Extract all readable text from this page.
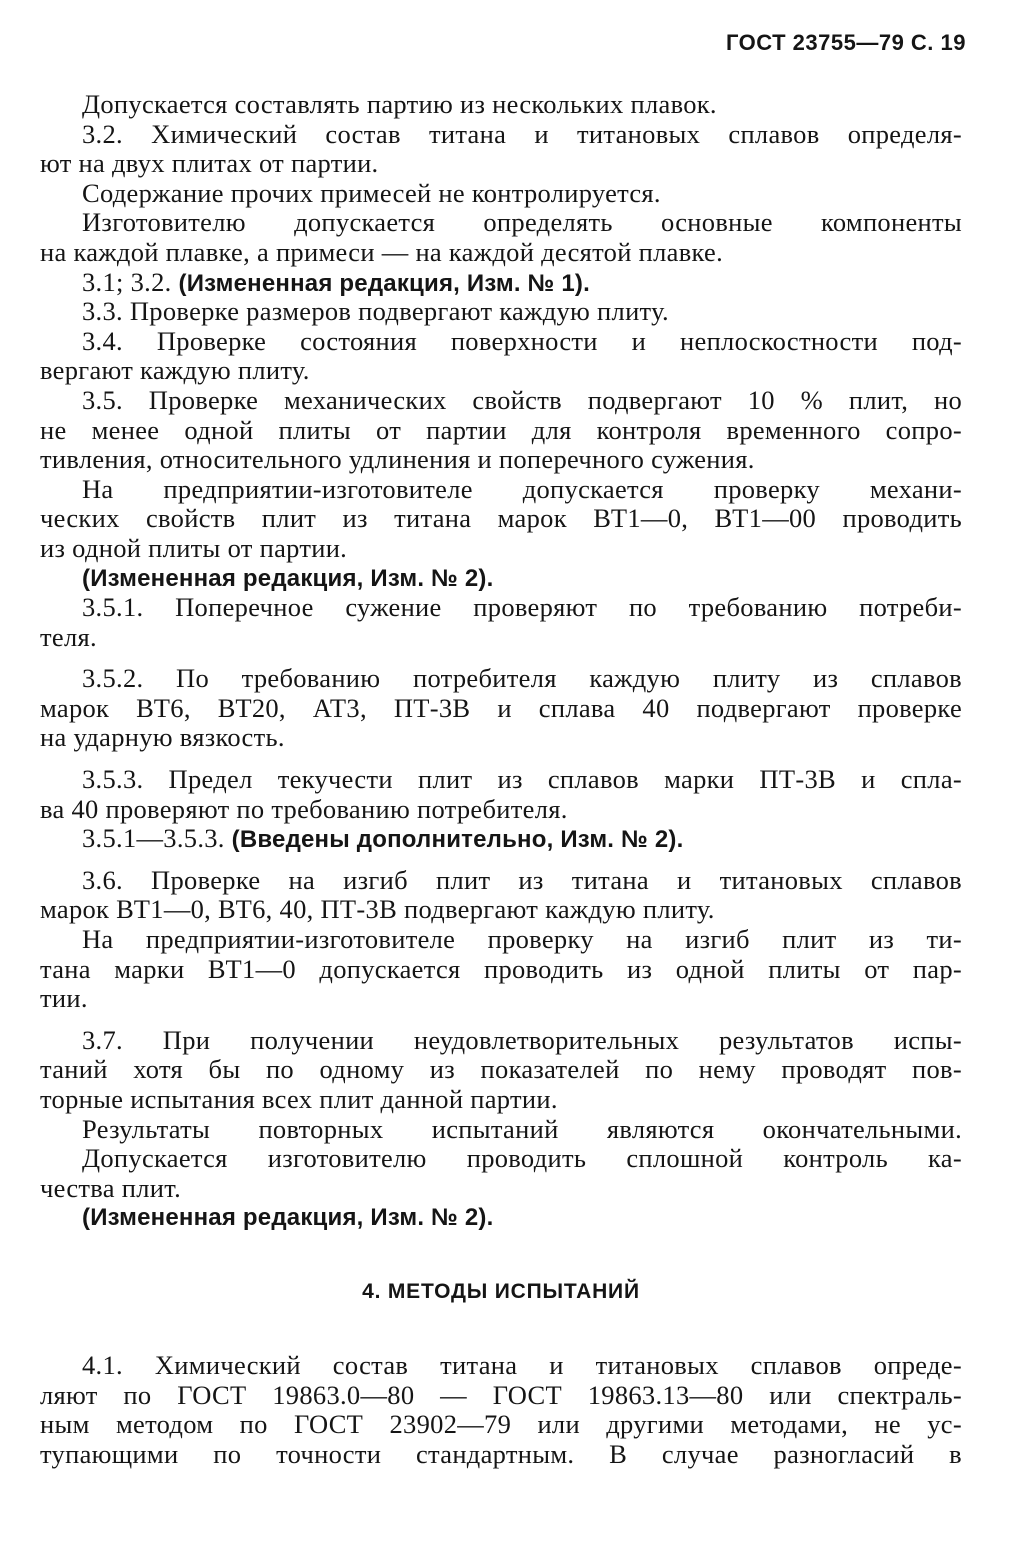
ГОСТ 23755—79 С. 19
Допускается составлять партию из нескольких плавок.
3.2. Химический состав титана и титановых сплавов определя-
ют на двух плитах от партии.
Содержание прочих примесей не контролируется.
Изготовителю допускается определять основные компоненты
на каждой плавке, а примеси — на каждой десятой плавке.
3.1; 3.2. (Измененная редакция, Изм. № 1).
3.3. Проверке размеров подвергают каждую плиту.
3.4. Проверке состояния поверхности и неплоскостности под-
вергают каждую плиту.
3.5. Проверке механических свойств подвергают 10 % плит, но
не менее одной плиты от партии для контроля временного сопро-
тивления, относительного удлинения и поперечного сужения.
На предприятии-изготовителе допускается проверку механи-
ческих свойств плит из титана марок ВТ1—0, ВТ1—00 проводить
из одной плиты от партии.
(Измененная редакция, Изм. № 2).
3.5.1. Поперечное сужение проверяют по требованию потреби-
теля.
3.5.2. По требованию потребителя каждую плиту из сплавов
марок ВТ6, ВТ20, АТ3, ПТ-3В и сплава 40 подвергают проверке
на ударную вязкость.
3.5.3. Предел текучести плит из сплавов марки ПТ-3В и спла-
ва 40 проверяют по требованию потребителя.
3.5.1—3.5.3. (Введены дополнительно, Изм. № 2).
3.6. Проверке на изгиб плит из титана и титановых сплавов
марок ВТ1—0, ВТ6, 40, ПТ-3В подвергают каждую плиту.
На предприятии-изготовителе проверку на изгиб плит из ти-
тана марки ВТ1—0 допускается проводить из одной плиты от пар-
тии.
3.7. При получении неудовлетворительных результатов испы-
таний хотя бы по одному из показателей по нему проводят пов-
торные испытания всех плит данной партии.
Результаты повторных испытаний являются окончательными.
Допускается изготовителю проводить сплошной контроль ка-
чества плит.
(Измененная редакция, Изм. № 2).
4. МЕТОДЫ ИСПЫТАНИЙ
4.1. Химический состав титана и титановых сплавов опреде-
ляют по ГОСТ 19863.0—80 — ГОСТ 19863.13—80 или спектраль-
ным методом по ГОСТ 23902—79 или другими методами, не ус-
тупающими по точности стандартным. В случае разногласий в
